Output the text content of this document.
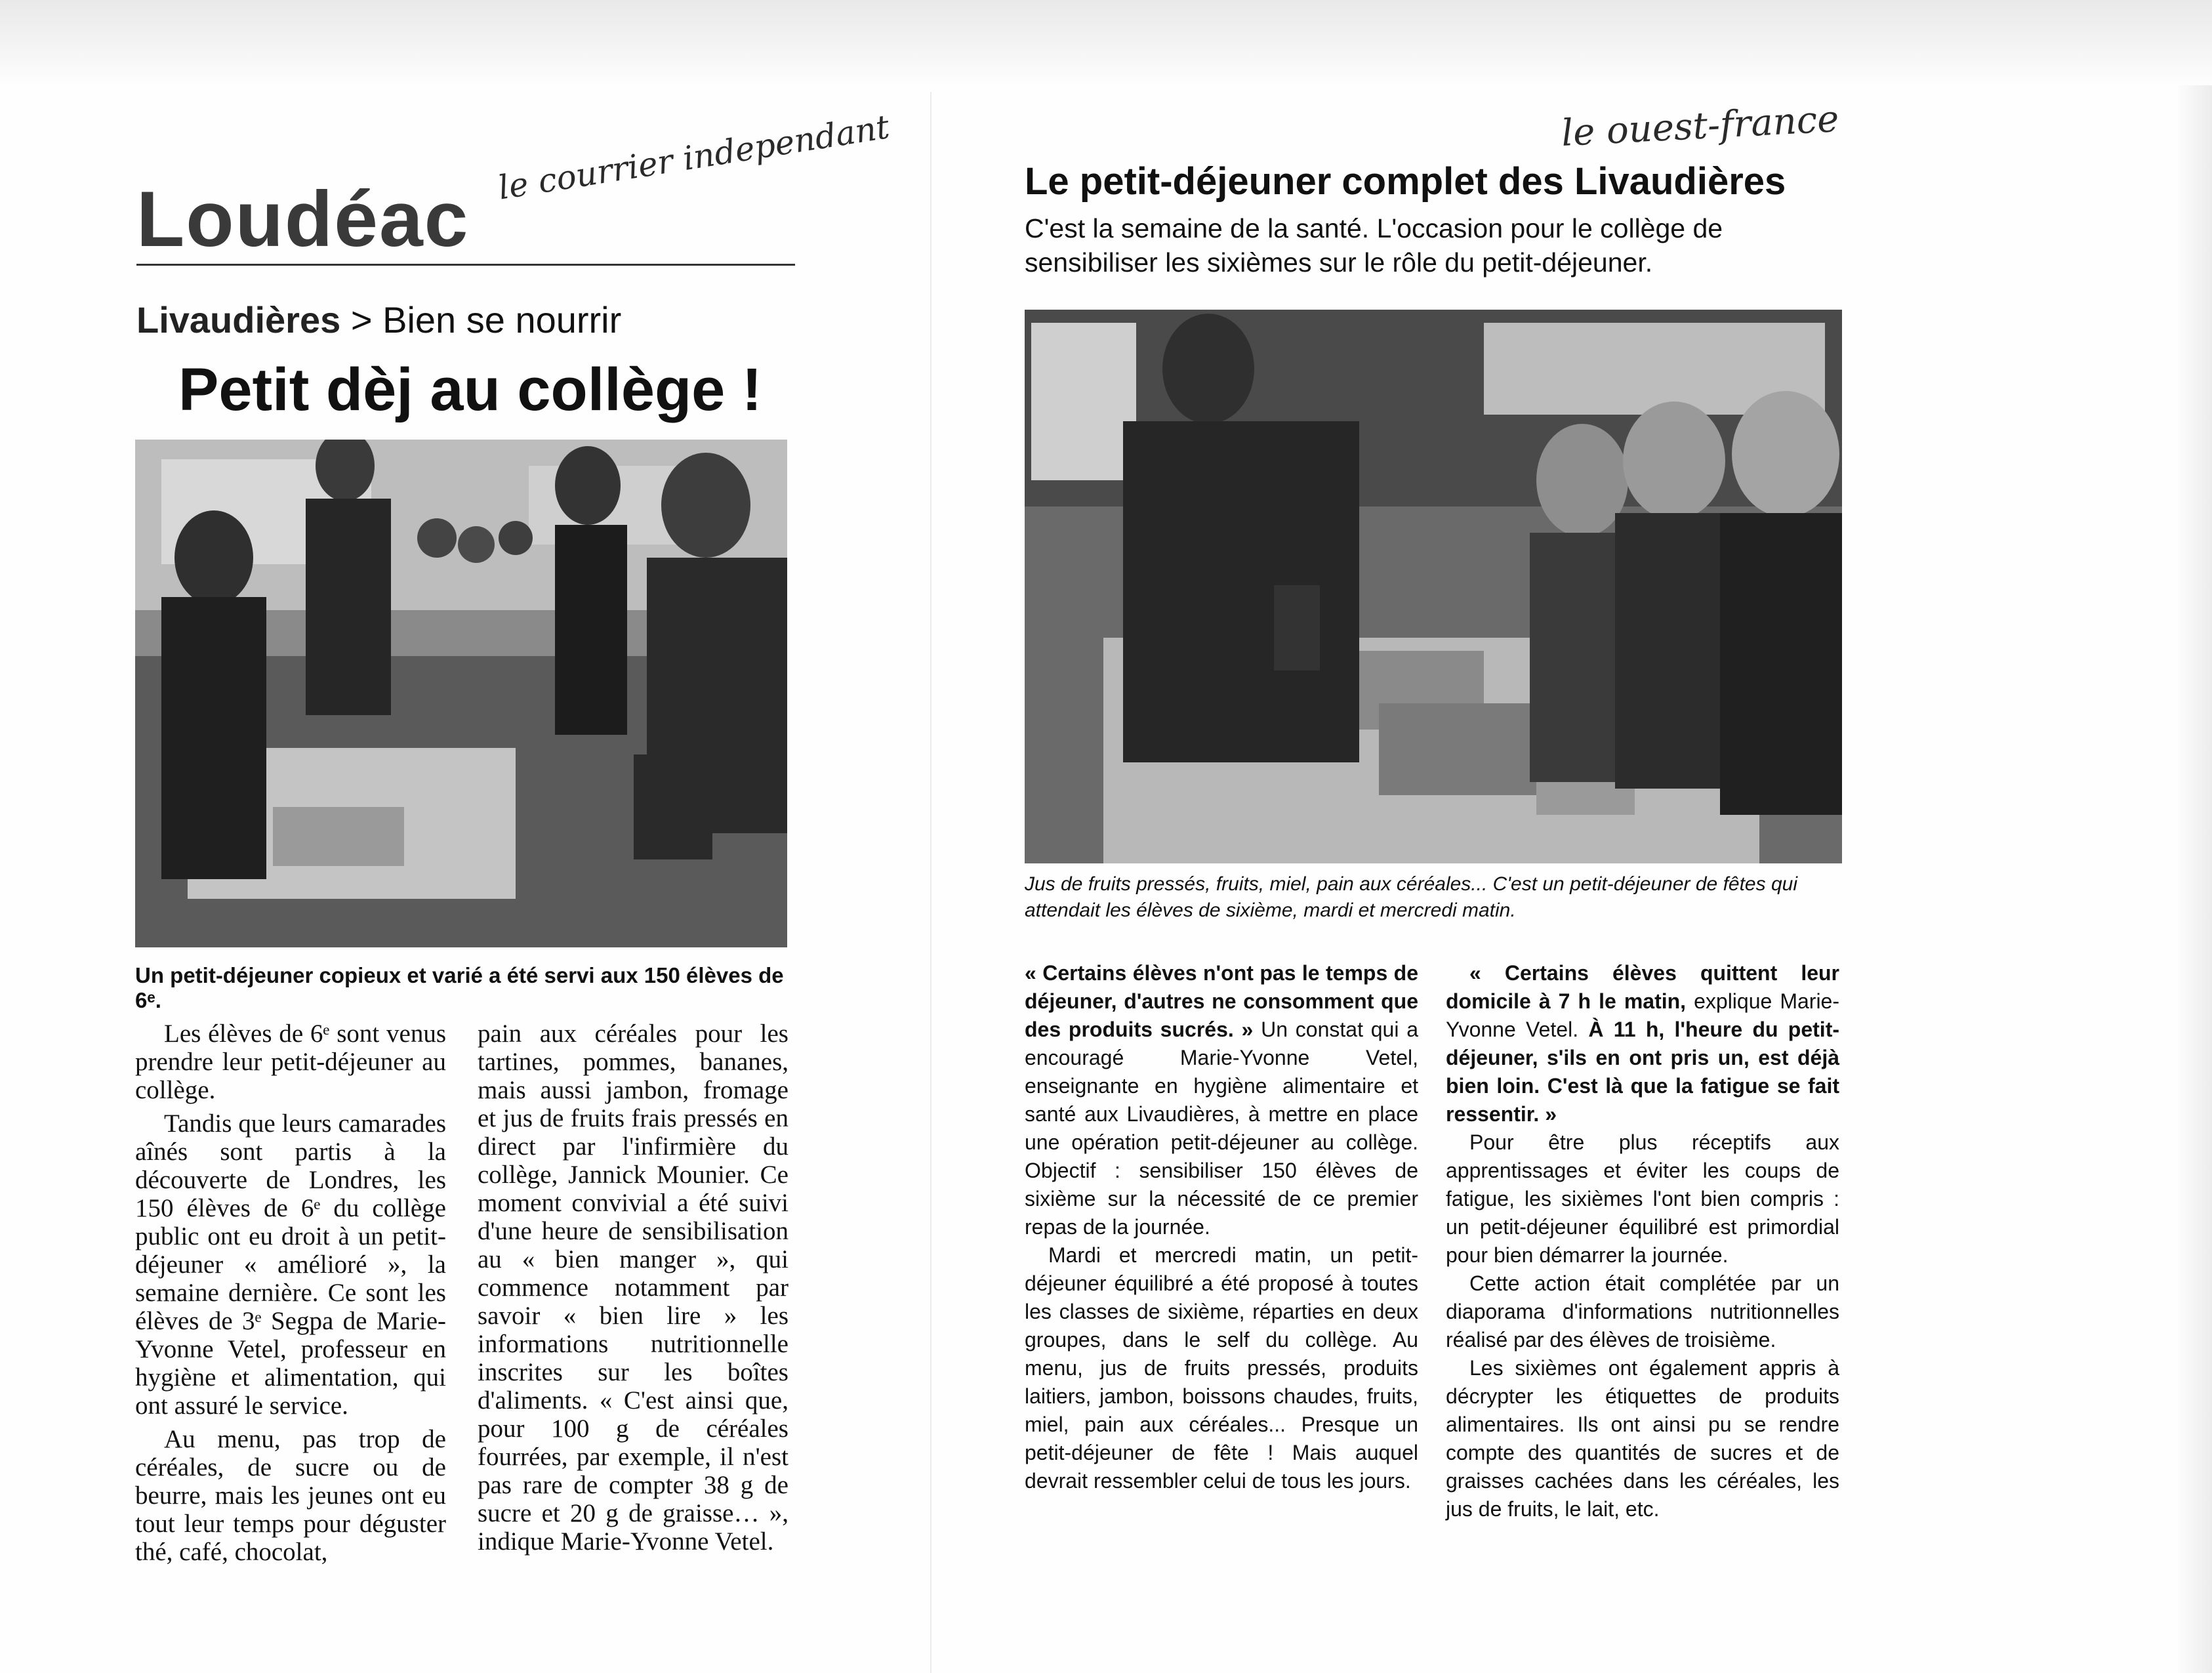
Loudéac
le courrier independant
Livaudières > Bien se nourrir
Petit dèj au collège !
Un petit-déjeuner copieux et varié a été servi aux 150 élèves de 6ᵉ.

Les élèves de 6ᵉ sont venus prendre leur petit-déjeuner au collège.

Tandis que leurs camarades aînés sont partis à la découverte de Londres, les 150 élèves de 6ᵉ du collège public ont eu droit à un petit-déjeuner « amélioré », la semaine dernière. Ce sont les élèves de 3ᵉ Segpa de Marie-Yvonne Vetel, professeur en hygiène et alimentation, qui ont assuré le service.

Au menu, pas trop de céréales, de sucre ou de beurre, mais les jeunes ont eu tout leur temps pour déguster thé, café, chocolat,

pain aux céréales pour les tartines, pommes, bananes, mais aussi jambon, fromage et jus de fruits frais pressés en direct par l'infirmière du collège, Jannick Mounier. Ce moment convivial a été suivi d'une heure de sensibilisation au « bien manger », qui commence notamment par savoir « bien lire » les informations nutritionnelle inscrites sur les boîtes d'aliments. « C'est ainsi que, pour 100 g de céréales fourrées, par exemple, il n'est pas rare de compter 38 g de sucre et 20 g de graisse… », indique Marie-Yvonne Vetel.

le ouest-france
Le petit-déjeuner complet des Livaudières
C'est la semaine de la santé. L'occasion pour le collège de sensibiliser les sixièmes sur le rôle du petit-déjeuner.
Jus de fruits pressés, fruits, miel, pain aux céréales... C'est un petit-déjeuner de fêtes qui attendait les élèves de sixième, mardi et mercredi matin.

« Certains élèves n'ont pas le temps de déjeuner, d'autres ne consomment que des produits sucrés. » Un constat qui a encouragé Marie-Yvonne Vetel, enseignante en hygiène alimentaire et santé aux Livaudières, à mettre en place une opération petit-déjeuner au collège. Objectif : sensibiliser 150 élèves de sixième sur la nécessité de ce premier repas de la journée.

Mardi et mercredi matin, un petit-déjeuner équilibré a été proposé à toutes les classes de sixième, réparties en deux groupes, dans le self du collège. Au menu, jus de fruits pressés, produits laitiers, jambon, boissons chaudes, fruits, miel, pain aux céréales... Presque un petit-déjeuner de fête ! Mais auquel devrait ressembler celui de tous les jours.

« Certains élèves quittent leur domicile à 7 h le matin, explique Marie-Yvonne Vetel. À 11 h, l'heure du petit-déjeuner, s'ils en ont pris un, est déjà bien loin. C'est là que la fatigue se fait ressentir. »

Pour être plus réceptifs aux apprentissages et éviter les coups de fatigue, les sixièmes l'ont bien compris : un petit-déjeuner équilibré est primordial pour bien démarrer la journée.

Cette action était complétée par un diaporama d'informations nutritionnelles réalisé par des élèves de troisième.

Les sixièmes ont également appris à décrypter les étiquettes de produits alimentaires. Ils ont ainsi pu se rendre compte des quantités de sucres et de graisses cachées dans les céréales, les jus de fruits, le lait, etc.
